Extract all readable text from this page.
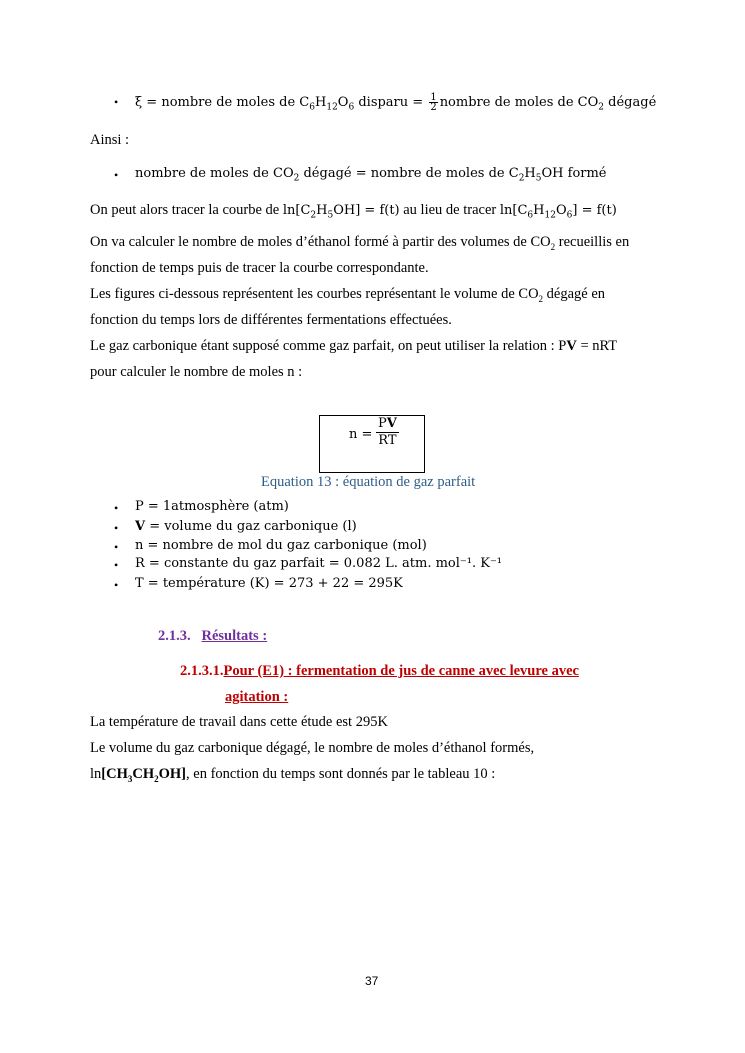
• ξ = nombre de moles de $C_6H_{12}O_6$ disparu = $\frac{1}{2}$ nombre de moles de $CO_2$ dégagé
Ainsi :
• nombre de moles de $CO_2$ dégagé = nombre de moles de $C_2H_5OH$ formé
On peut alors tracer la courbe de $\ln[C_2H_5OH] = f(t)$ au lieu de tracer $\ln[C_6H_{12}O_6] = f(t)$
On va calculer le nombre de moles d’éthanol formé à partir des volumes de $CO_2$ recueillis en
fonction de temps puis de tracer la courbe correspondante.
Les figures ci-dessous représentent les courbes représentant le volume de $CO_2$ dégagé en
fonction du temps lors de différentes fermentations effectuées.
Le gaz carbonique étant supposé comme gaz parfait, on peut utiliser la relation : PV = nRT
pour calculer le nombre de moles n :
$n = \frac{PV}{RT}$
Equation 13 : équation de gaz parfait
• P = 1atmosphère (atm)
• V = volume du gaz carbonique (l)
• n = nombre de mol du gaz carbonique (mol)
• R = constante du gaz parfait = 0.082 L. atm. mol⁻¹. K⁻¹
• T = température (K) = 273 + 22 = 295K
2.1.3. Résultats :
2.1.3.1.Pour (E1) : fermentation de jus de canne avec levure avec
agitation :
La température de travail dans cette étude est 295K
Le volume du gaz carbonique dégagé, le nombre de moles d’éthanol formés,
$\ln[CH_3CH_2OH]$, en fonction du temps sont donnés par le tableau 10 :
37
